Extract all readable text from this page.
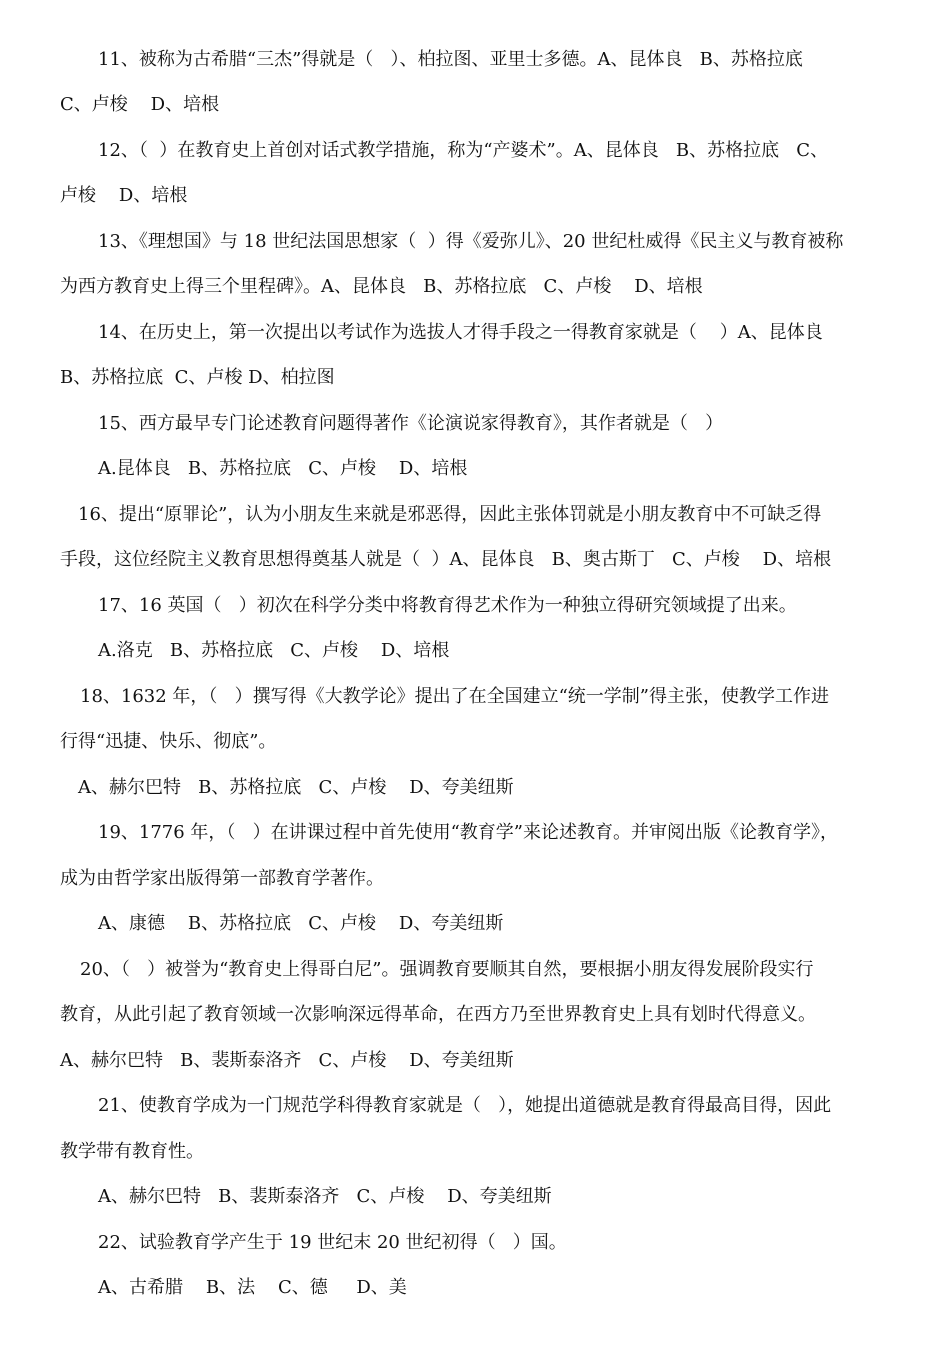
11、被称为古希腊“三杰”得就是（   ）、柏拉图、亚里士多德。A、昆体良   B、苏格拉底
C、卢梭    D、培根
12、（  ）在教育史上首创对话式教学措施，称为“产婆术”。A、昆体良   B、苏格拉底   C、
卢梭    D、培根
13、《理想国》与 18 世纪法国思想家（  ）得《爱弥儿》、20 世纪杜威得《民主义与教育被称
为西方教育史上得三个里程碑》。A、昆体良   B、苏格拉底   C、卢梭    D、培根
14、在历史上，第一次提出以考试作为选拔人才得手段之一得教育家就是（    ）A、昆体良
B、苏格拉底  C、卢梭 D、柏拉图
15、西方最早专门论述教育问题得著作《论演说家得教育》，其作者就是（   ）
A.昆体良   B、苏格拉底   C、卢梭    D、培根
16、提出“原罪论”，认为小朋友生来就是邪恶得，因此主张体罚就是小朋友教育中不可缺乏得
手段，这位经院主义教育思想得奠基人就是（  ）A、昆体良   B、奥古斯丁   C、卢梭    D、培根
17、16 英国（   ）初次在科学分类中将教育得艺术作为一种独立得研究领域提了出来。
A.洛克   B、苏格拉底   C、卢梭    D、培根
18、1632 年，（   ）撰写得《大教学论》提出了在全国建立“统一学制”得主张，使教学工作进
行得“迅捷、快乐、彻底”。
A、赫尔巴特   B、苏格拉底   C、卢梭    D、夸美纽斯
19、1776 年，（   ）在讲课过程中首先使用“教育学”来论述教育。并审阅出版《论教育学》，
成为由哲学家出版得第一部教育学著作。
A、康德    B、苏格拉底   C、卢梭    D、夸美纽斯
20、（   ）被誉为“教育史上得哥白尼”。强调教育要顺其自然，要根据小朋友得发展阶段实行
教育，从此引起了教育领域一次影响深远得革命，在西方乃至世界教育史上具有划时代得意义。
A、赫尔巴特   B、裴斯泰洛齐   C、卢梭    D、夸美纽斯
21、使教育学成为一门规范学科得教育家就是（   ），她提出道德就是教育得最高目得，因此
教学带有教育性。
A、赫尔巴特   B、裴斯泰洛齐   C、卢梭    D、夸美纽斯
22、试验教育学产生于 19 世纪末 20 世纪初得（   ）国。
A、古希腊    B、法    C、德     D、美
